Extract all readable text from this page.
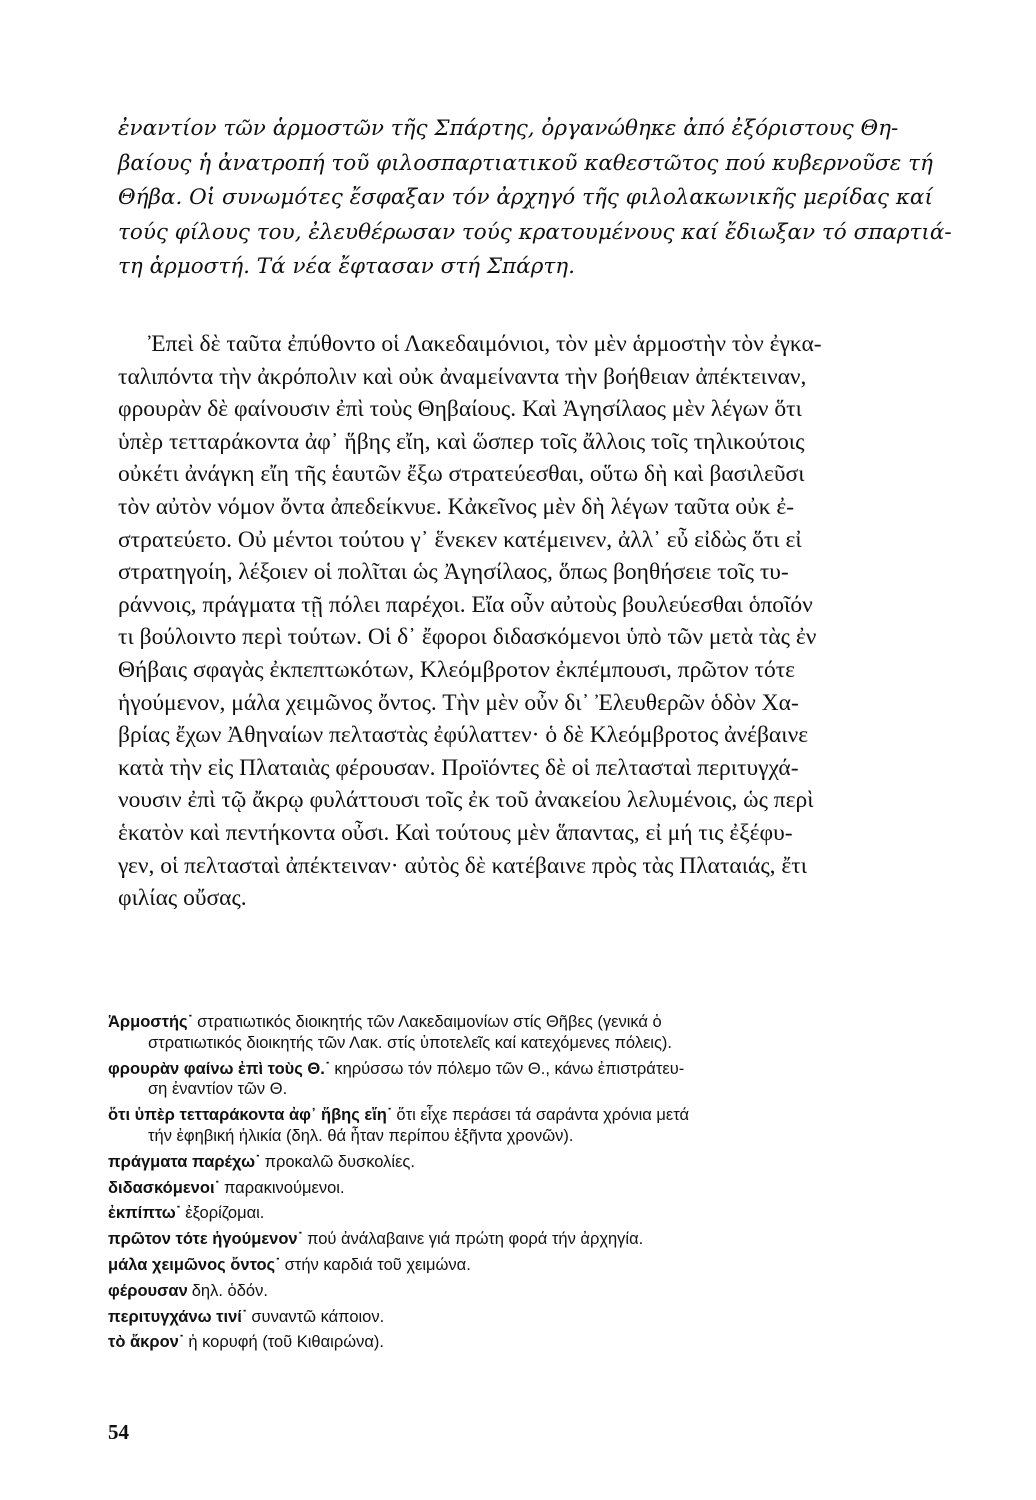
ἐναντίον τῶν ἁρμοστῶν τῆς Σπάρτης, ὀργανώθηκε ἀπό ἐξόριστους Θη-
βαίους ἡ ἀνατροπή τοῦ φιλοσπαρτιατικοῦ καθεστῶτος πού κυβερνοῦσε τή
Θήβα. Οἱ συνωμότες ἔσφαξαν τόν ἀρχηγό τῆς φιλολακωνικῆς μερίδας καί
τούς φίλους του, ἐλευθέρωσαν τούς κρατουμένους καί ἔδιωξαν τό σπαρτιά-
τη ἁρμοστή. Τά νέα ἔφτασαν στή Σπάρτη.
Ἐπεὶ δὲ ταῦτα ἐπύθοντο οἱ Λακεδαιμόνιοι, τὸν μὲν ἁρμοστὴν τὸν ἐγκα-
ταλιπόντα τὴν ἀκρόπολιν καὶ οὐκ ἀναμείναντα τὴν βοήθειαν ἀπέκτειναν,
φρουρὰν δὲ φαίνουσιν ἐπὶ τοὺς Θηβαίους. Καὶ Ἀγησίλαος μὲν λέγων ὅτι
ὑπὲρ τετταράκοντα ἀφ᾿ ἥβης εἴη, καὶ ὥσπερ τοῖς ἄλλοις τοῖς τηλικούτοις
οὐκέτι ἀνάγκη εἴη τῆς ἑαυτῶν ἔξω στρατεύεσθαι, οὕτω δὴ καὶ βασιλεῦσι
τὸν αὐτὸν νόμον ὄντα ἀπεδείκνυε. Κἀκεῖνος μὲν δὴ λέγων ταῦτα οὐκ ἐ-
στρατεύετο. Οὐ μέντοι τούτου γ᾿ ἕνεκεν κατέμεινεν, ἀλλ᾿ εὖ εἰδὼς ὅτι εἰ
στρατηγοίη, λέξοιεν οἱ πολῖται ὡς Ἀγησίλαος, ὅπως βοηθήσειε τοῖς τυ-
ράννοις, πράγματα τῇ πόλει παρέχοι. Εἴα οὖν αὐτοὺς βουλεύεσθαι ὁποῖόν
τι βούλοιντο περὶ τούτων. Οἱ δ᾿ ἔφοροι διδασκόμενοι ὑπὸ τῶν μετὰ τὰς ἐν
Θήβαις σφαγὰς ἐκπεπτωκότων, Κλεόμβροτον ἐκπέμπουσι, πρῶτον τότε
ἡγούμενον, μάλα χειμῶνος ὄντος. Τὴν μὲν οὖν δι᾿ Ἐλευθερῶν ὁδὸν Χα-
βρίας ἔχων Ἀθηναίων πελταστὰς ἐφύλαττεν· ὁ δὲ Κλεόμβροτος ἀνέβαινε
κατὰ τὴν εἰς Πλαταιὰς φέρουσαν. Προϊόντες δὲ οἱ πελτασταὶ περιτυγχά-
νουσιν ἐπὶ τῷ ἄκρῳ φυλάττουσι τοῖς ἐκ τοῦ ἀνακείου λελυμένοις, ὡς περὶ
ἑκατὸν καὶ πεντήκοντα οὖσι. Καὶ τούτους μὲν ἅπαντας, εἰ μή τις ἐξέφυ-
γεν, οἱ πελτασταὶ ἀπέκτειναν· αὐτὸς δὲ κατέβαινε πρὸς τὰς Πλαταιάς, ἔτι
φιλίας οὔσας.
Ἁρμοστής˙ στρατιωτικός διοικητής τῶν Λακεδαιμονίων στίς Θῆβες (γενικά ὁ
στρατιωτικός διοικητής τῶν Λακ. στίς ὑποτελεῖς καί κατεχόμενες πόλεις).
φρουρὰν φαίνω ἐπὶ τοὺς Θ.˙ κηρύσσω τόν πόλεμο τῶν Θ., κάνω ἐπιστράτευ-
ση ἐναντίον τῶν Θ.
ὅτι ὑπὲρ τετταράκοντα ἀφ᾿ ἥβης εἴη˙ ὅτι εἶχε περάσει τά σαράντα χρόνια μετά
τήν ἐφηβική ἡλικία (δηλ. θά ἦταν περίπου ἑξῆντα χρονῶν).
πράγματα παρέχω˙ προκαλῶ δυσκολίες.
διδασκόμενοι˙ παρακινούμενοι.
ἐκπίπτω˙ ἐξορίζομαι.
πρῶτον τότε ἡγούμενον˙ πού ἀνάλαβαινε γιά πρώτη φορά τήν ἀρχηγία.
μάλα χειμῶνος ὄντος˙ στήν καρδιά τοῦ χειμώνα.
φέρουσαν δηλ. ὁδόν.
περιτυγχάνω τινί˙ συναντῶ κάποιον.
τὸ ἄκρον˙ ἡ κορυφή (τοῦ Κιθαιρώνα).
54
